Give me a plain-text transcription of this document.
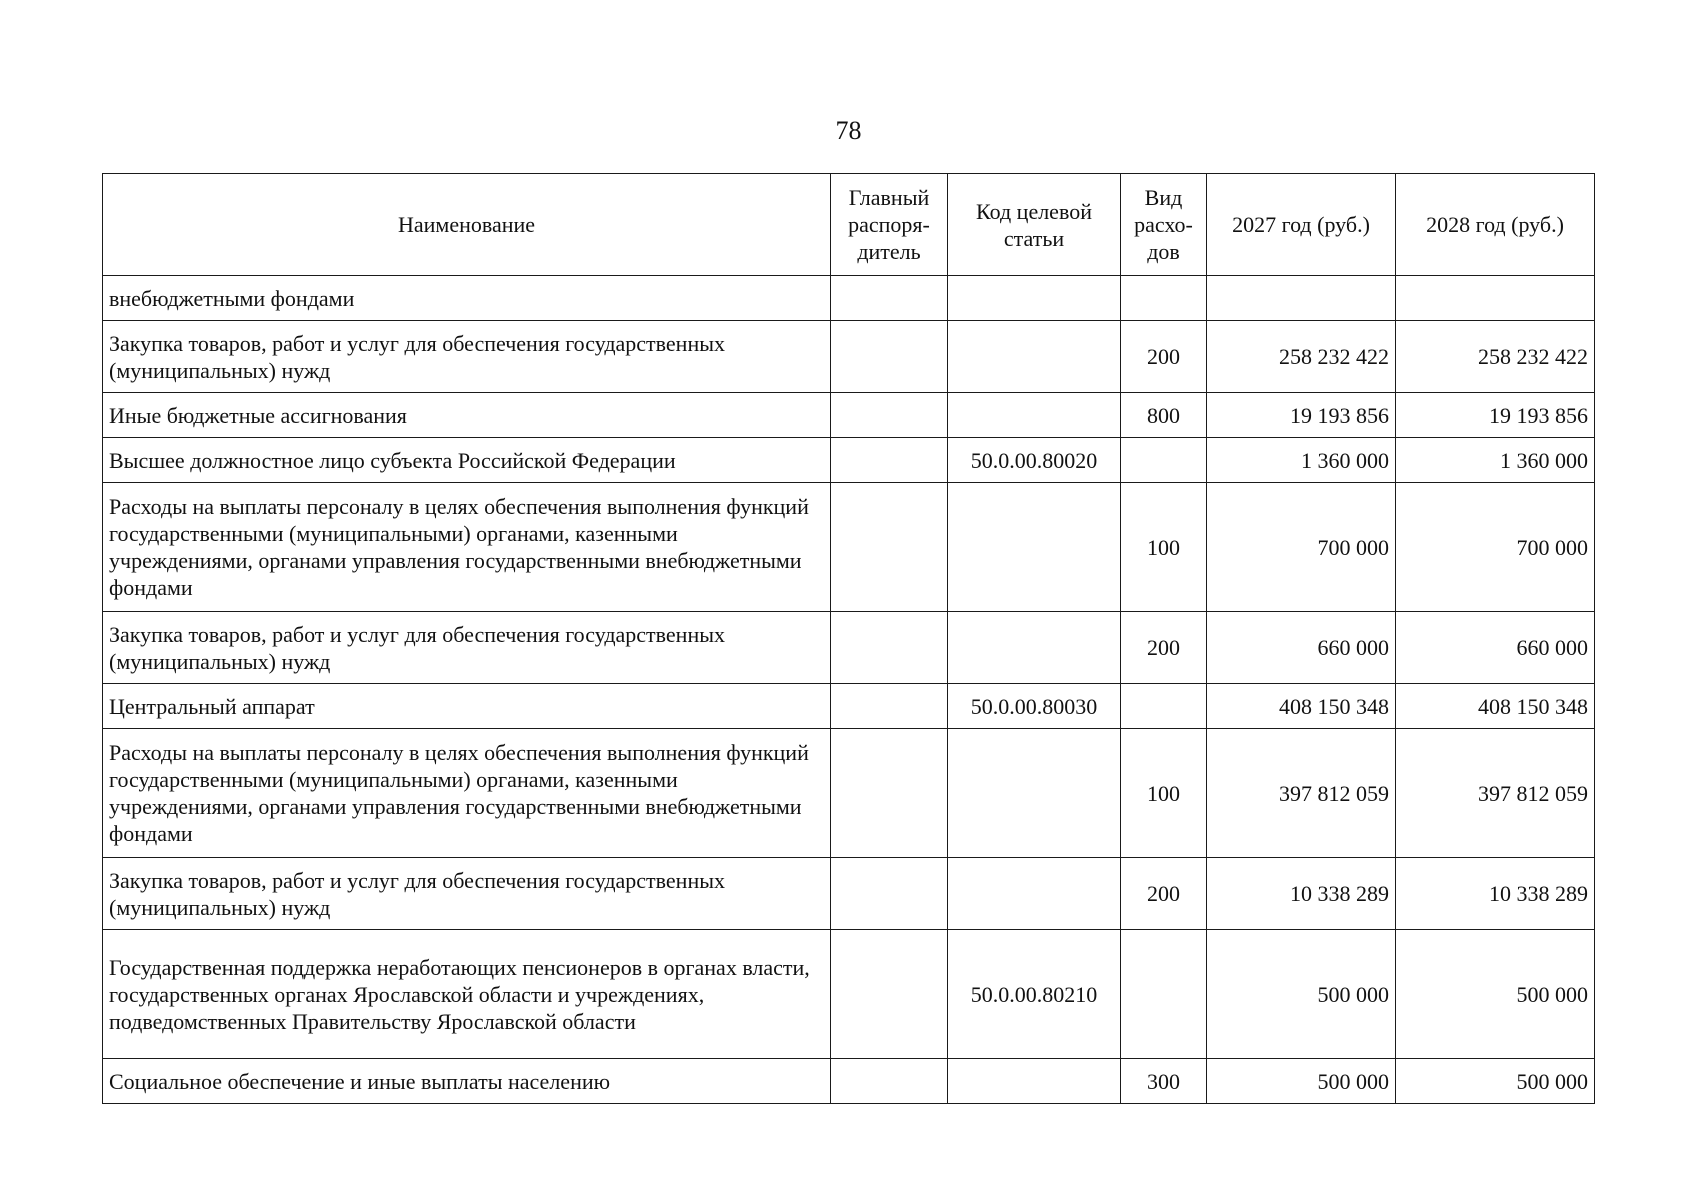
78
Наименование	Главный распоря-дитель	Код целевой статьи	Вид расхо-дов	2027 год (руб.)	2028 год (руб.)
внебюджетными фондами					
Закупка товаров, работ и услуг для обеспечения государственных (муниципальных) нужд			200	258 232 422	258 232 422
Иные бюджетные ассигнования			800	19 193 856	19 193 856
Высшее должностное лицо субъекта Российской Федерации		50.0.00.80020		1 360 000	1 360 000
Расходы на выплаты персоналу в целях обеспечения выполнения функций государственными (муниципальными) органами, казенными учреждениями, органами управления государственными внебюджетными фондами			100	700 000	700 000
Закупка товаров, работ и услуг для обеспечения государственных (муниципальных) нужд			200	660 000	660 000
Центральный аппарат		50.0.00.80030		408 150 348	408 150 348
Расходы на выплаты персоналу в целях обеспечения выполнения функций государственными (муниципальными) органами, казенными учреждениями, органами управления государственными внебюджетными фондами			100	397 812 059	397 812 059
Закупка товаров, работ и услуг для обеспечения государственных (муниципальных) нужд			200	10 338 289	10 338 289
Государственная поддержка неработающих пенсионеров в органах власти, государственных органах Ярославской области и учреждениях, подведомственных Правительству Ярославской области		50.0.00.80210		500 000	500 000
Социальное обеспечение и иные выплаты населению			300	500 000	500 000
